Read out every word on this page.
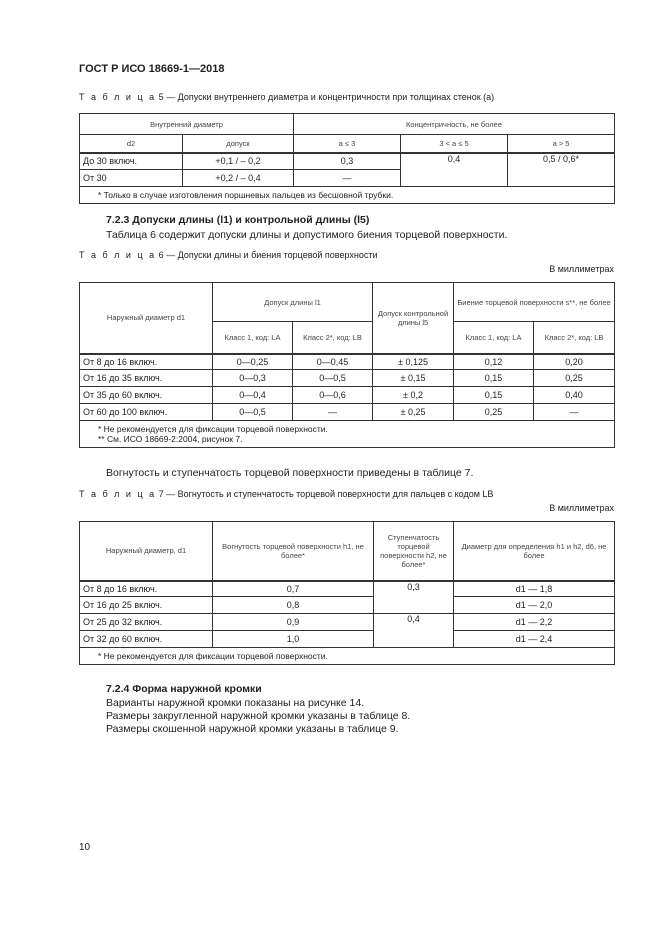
ГОСТ Р ИСО 18669-1—2018
Т а б л и ц а 5 — Допуски внутреннего диаметра и концентричности при толщинах стенок (a)
Внутренний диаметр		Концентричность, не более		
d2	допуск	a ≤ 3	3 < a ≤ 5	a > 5
До 30 включ.	+0,1 / – 0,2	0,3	0,4	0,5 / 0,6*
От 30	+0,2 / – 0,4	—		
* Только в случае изготовления поршневых пальцев из бесшовной трубки.				
7.2.3 Допуски длины (l1) и контрольной длины (l5)
Таблица 6 содержит допуски длины и допустимого биения торцевой поверхности.
Т а б л и ц а 6 — Допуски длины и биения торцевой поверхности
В миллиметрах
Наружный диаметр d1	Допуск длины l1		Допуск контрольной длины l5	Биение торцевой поверхности s**, не более	
	Класс 1, код: LA	Класс 2*, код: LB		Класс 1, код: LA	Класс 2*, код: LB
От 8 до 16 включ.	0—0,25	0—0,45	± 0,125	0,12	0,20
От 16 до 35 включ.	0—0,3	0—0,5	± 0,15	0,15	0,25
От 35 до 60 включ.	0—0,4	0—0,6	± 0,2	0,15	0,40
От 60 до 100 включ.	0—0,5	—	± 0,25	0,25	—

* Не рекомендуется для фиксации торцевой поверхности.
** См. ИСО 18669-2:2004, рисунок 7.					
Вогнутость и ступенчатость торцевой поверхности приведены в таблице 7.
Т а б л и ц а 7 — Вогнутость и ступенчатость торцевой поверхности для пальцев с кодом LB
В миллиметрах
Наружный диаметр, d1	Вогнутость торцевой поверхности h1, не более*	Ступенчатость торцевой поверхности h2, не более*	Диаметр для определения h1 и h2, d6, не более
От 8 до 16 включ.	0,7	0,3	d1 — 1,8
От 16 до 25 включ.	0,8		d1 — 2,0
От 25 до 32 включ.	0,9	0,4	d1 — 2,2
От 32 до 60 включ.	1,0		d1 — 2,4
* Не рекомендуется для фиксации торцевой поверхности.			
7.2.4 Форма наружной кромки
Варианты наружной кромки показаны на рисунке 14.
Размеры закругленной наружной кромки указаны в таблице 8.
Размеры скошенной наружной кромки указаны в таблице 9.
10
